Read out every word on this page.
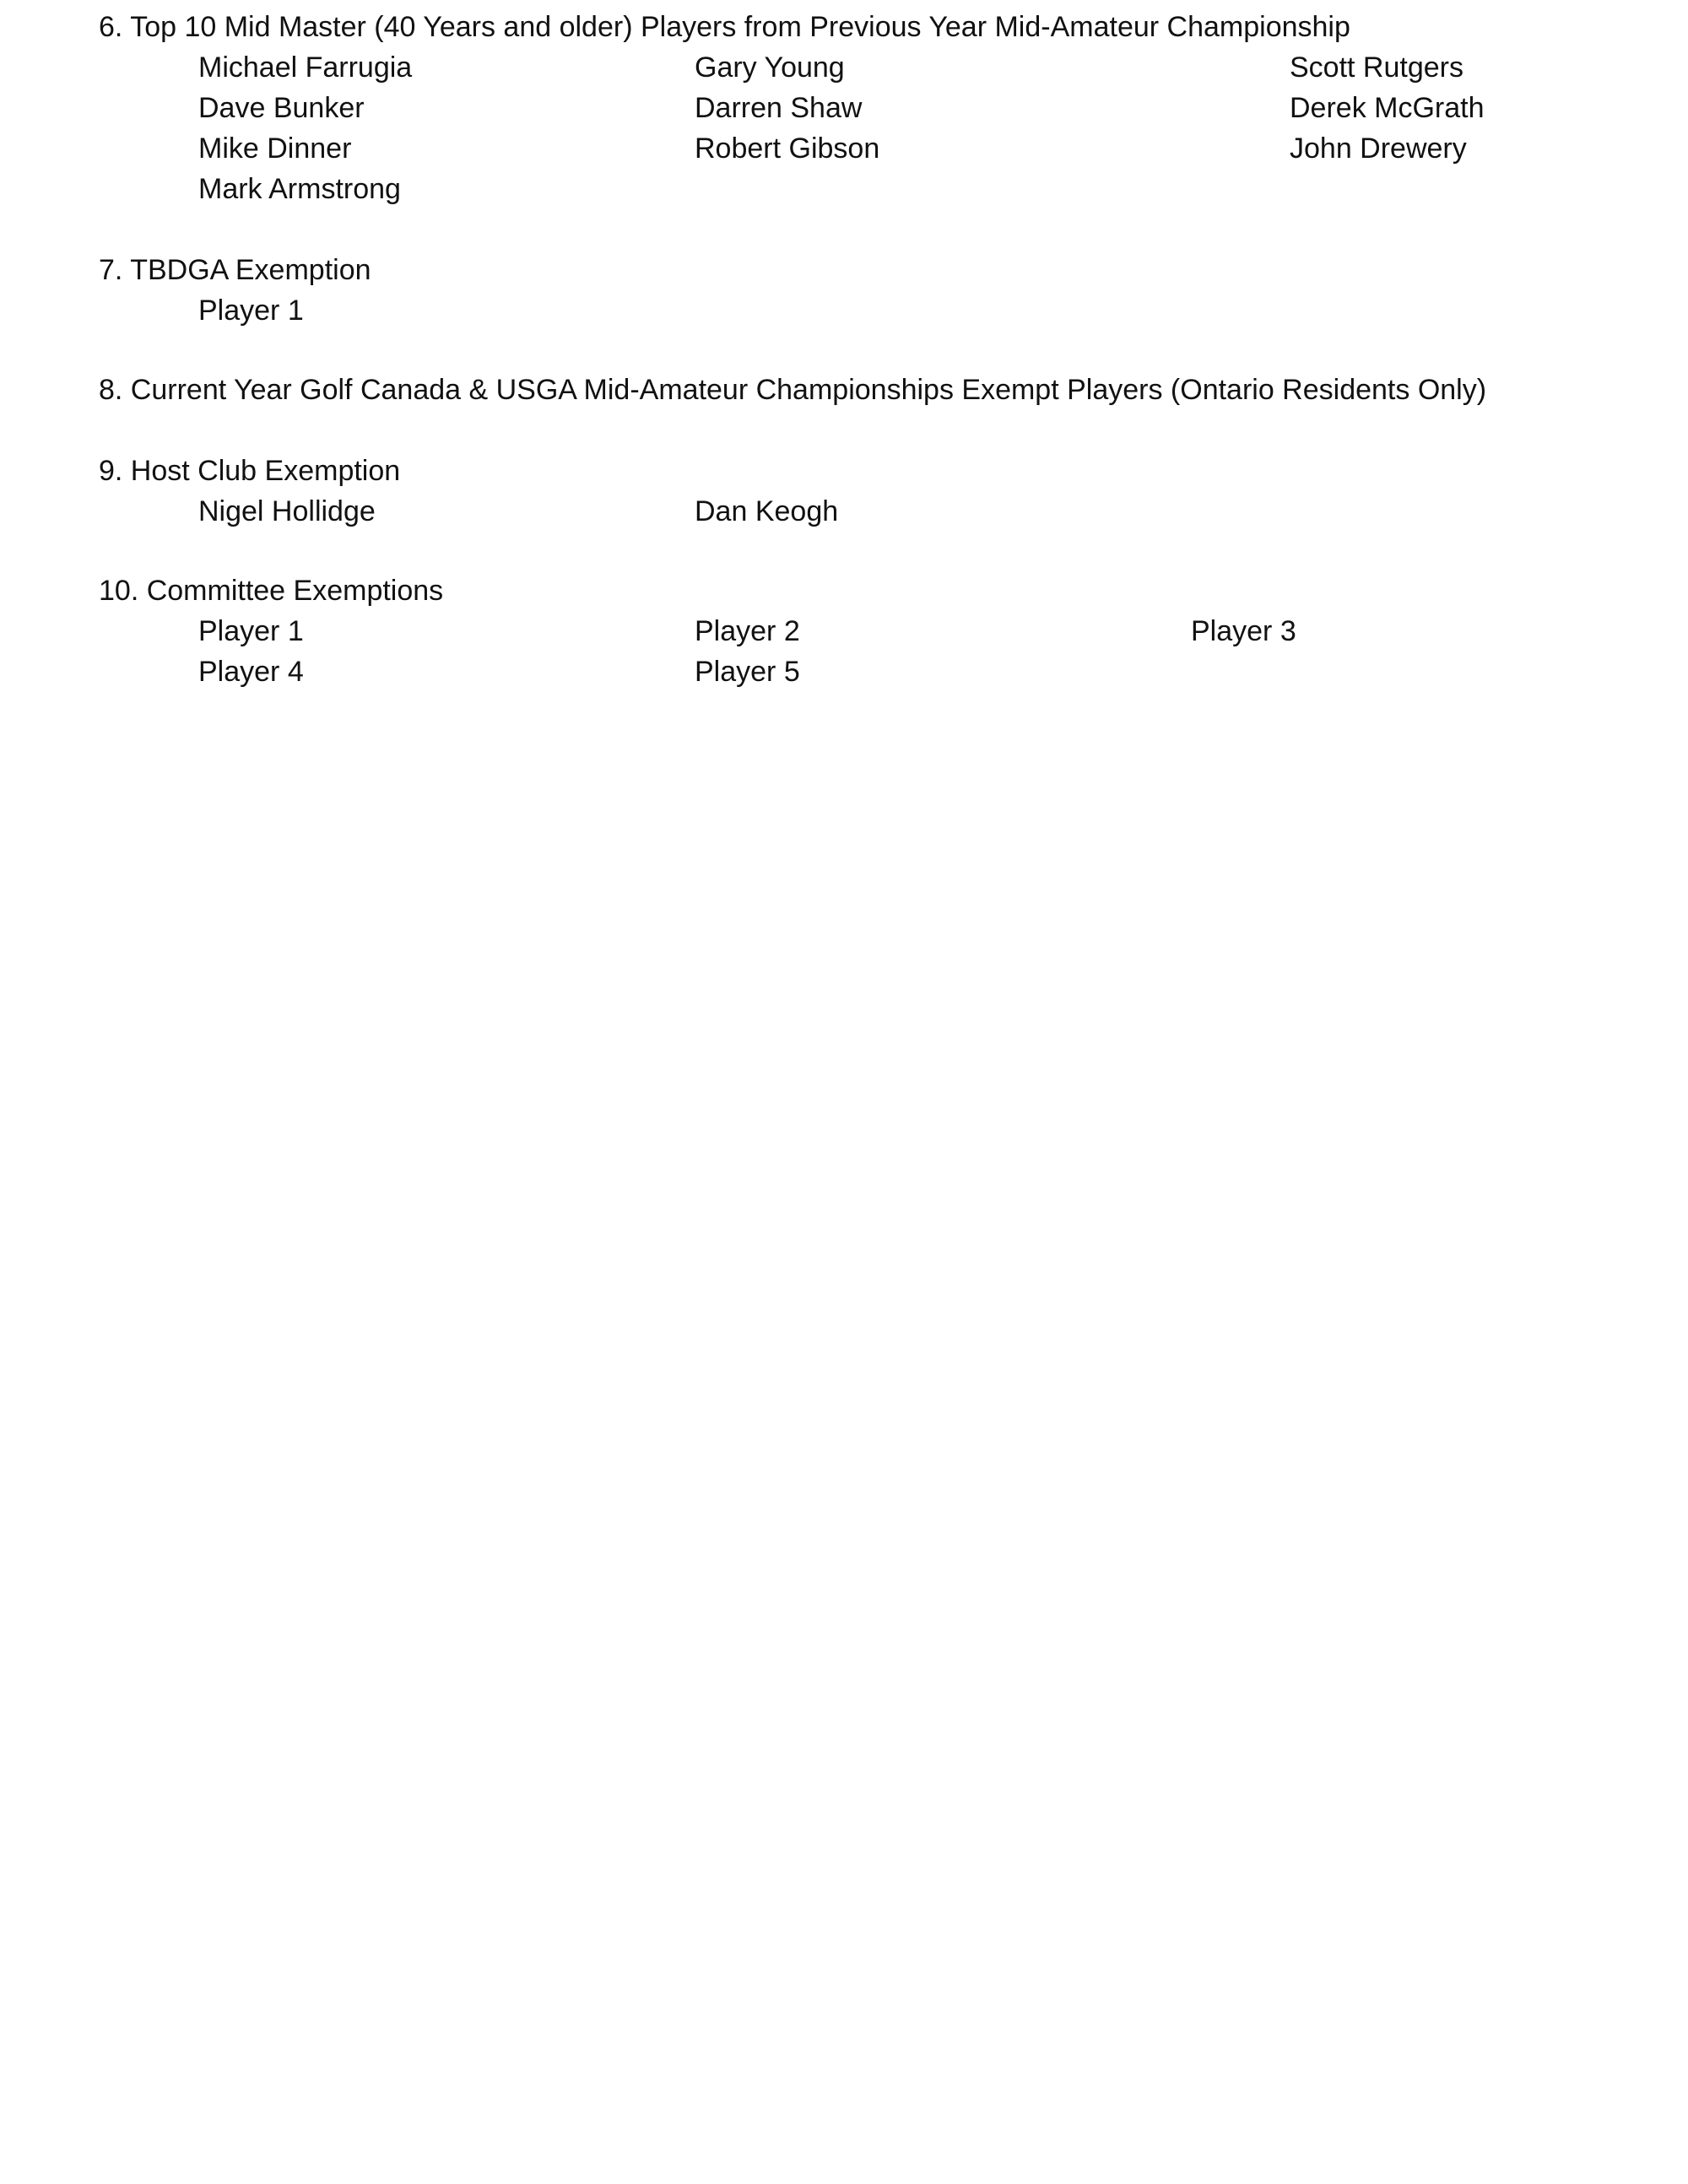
6. Top 10 Mid Master (40 Years and older) Players from Previous Year Mid-Amateur Championship
Michael Farrugia	Gary Young	Scott Rutgers
Dave Bunker	Darren Shaw	Derek McGrath
Mike Dinner	Robert Gibson	John Drewery
Mark Armstrong
7. TBDGA Exemption
Player 1
8. Current Year Golf Canada & USGA Mid-Amateur Championships Exempt Players (Ontario Residents Only)
9. Host Club Exemption
Nigel Hollidge	Dan Keogh
10. Committee Exemptions
Player 1	Player 2	Player 3
Player 4	Player 5
